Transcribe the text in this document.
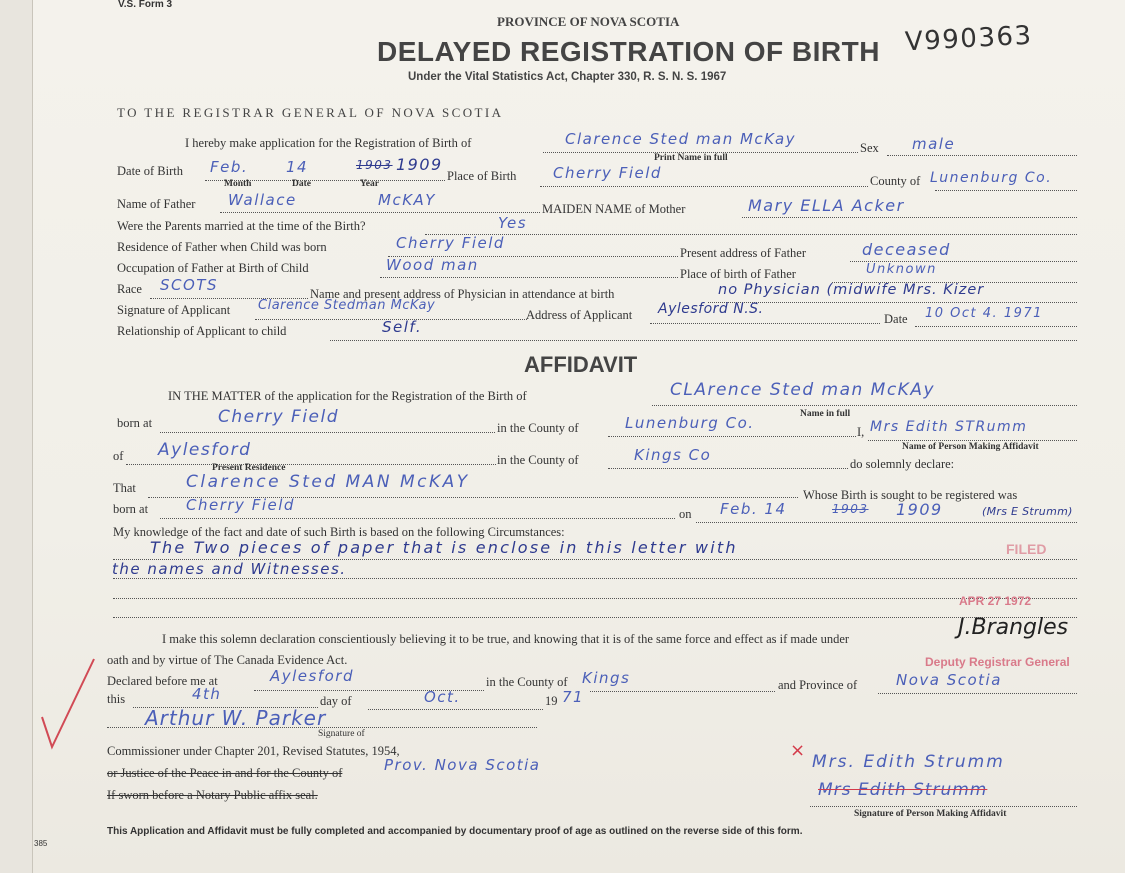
V.S. Form 3
V990363
PROVINCE OF NOVA SCOTIA
DELAYED REGISTRATION OF BIRTH
Under the Vital Statistics Act, Chapter 330, R. S. N. S. 1967
TO THE REGISTRAR GENERAL OF NOVA SCOTIA
I hereby make application for the Registration of Birth of	Clarence Sted man McKay	Sex male
Print Name in full
Date of Birth Feb.	14	1903 1909
Month	Date	Year
Place of Birth Cherry Field	County of Lunenburg Co.
Name of Father Wallace	McKAY	MAIDEN NAME of Mother	Mary ELLA Acker
Were the Parents married at the time of the Birth?	Yes
Residence of Father when Child was born	Cherry Field
Present address of Father	deceased
Occupation of Father at Birth of Child	Wood man	Place of birth of Father	Unknown
Race SCOTS	Name and present address of Physician in attendance at birth	no Physician (midwife Mrs. Kizer
Signature of Applicant Clarence Stedman McKay
Address of Applicant Aylesford N.S.
Date 10 Oct 4. 1971
Relationship of Applicant to child	Self.
AFFIDAVIT
IN THE MATTER of the application for the Registration of the Birth of	CLArence Sted man McKAy
Name in full
born at	Cherry Field
in the County of	Lunenburg Co.	I, Mrs Edith STRumm
Name of Person Making Affidavit
of Aylesford
Present Residence
in the County of	Kings Co	do solemnly declare:
That	Clarence Sted MAN McKAY
Whose Birth is sought to be registered was
born at	Cherry Field	on Feb. 14	1903 1909	(Mrs E Strumm)
My knowledge of the fact and date of such Birth is based on the following Circumstances:
The Two pieces of paper that is enclose in this letter with
the names and Witnesses.
FILED
APR 27 1972
J.Brangles
Deputy Registrar General
I make this solemn declaration conscientiously believing it to be true, and knowing that it is of the same force and effect as if made under
oath and by virtue of The Canada Evidence Act.
Declared before me at	Aylesford	in the County of Kings	and Province of	Nova Scotia
this	4th	day of	Oct.	19 71
Arthur W. Parker
Signature of
Commissioner under Chapter 201, Revised Statutes, 1954,
or Justice of the Peace in and for the County of	Prov. Nova Scotia
If sworn before a Notary Public affix seal.
×
Mrs. Edith Strumm
Mrs Edith Strumm
Signature of Person Making Affidavit
This Application and Affidavit must be fully completed and accompanied by documentary proof of age as outlined on the reverse side of this form.
385
